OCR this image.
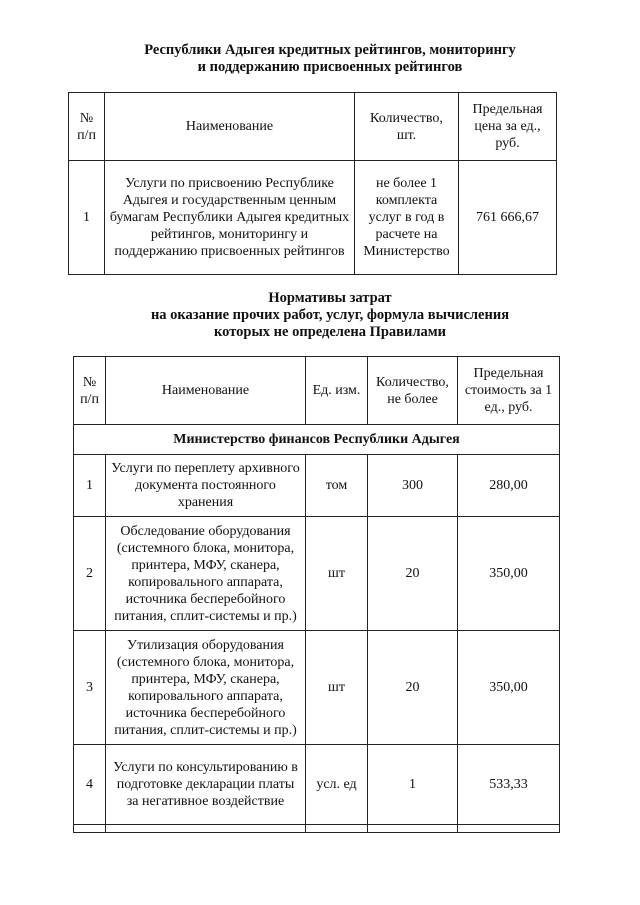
Республики Адыгея кредитных рейтингов, мониторингу
и поддержанию присвоенных рейтингов
№ п/п	Наименование	Количество, шт.	Предельная цена за ед., руб.
1	Услуги по присвоению Республике Адыгея и государственным ценным бумагам Республики Адыгея кредитных рейтингов, мониторингу и поддержанию присвоенных рейтингов	не более 1 комплекта услуг в год в расчете на Министерство	761 666,67
Нормативы затрат
на оказание прочих работ, услуг, формула вычисления
которых не определена Правилами
№ п/п	Наименование	Ед. изм.	Количество, не более	Предельная стоимость за 1 ед., руб.
Министерство финансов Республики Адыгея				
1	Услуги по переплету архивного документа постоянного хранения	том	300	280,00
2	Обследование оборудования (системного блока, монитора, принтера, МФУ, сканера, копировального аппарата, источника бесперебойного питания, сплит-системы и пр.)	шт	20	350,00
3	Утилизация оборудования (системного блока, монитора, принтера, МФУ, сканера, копировального аппарата, источника бесперебойного питания, сплит-системы и пр.)	шт	20	350,00
4	Услуги по консультированию в подготовке декларации платы за негативное воздействие	усл. ед	1	533,33
